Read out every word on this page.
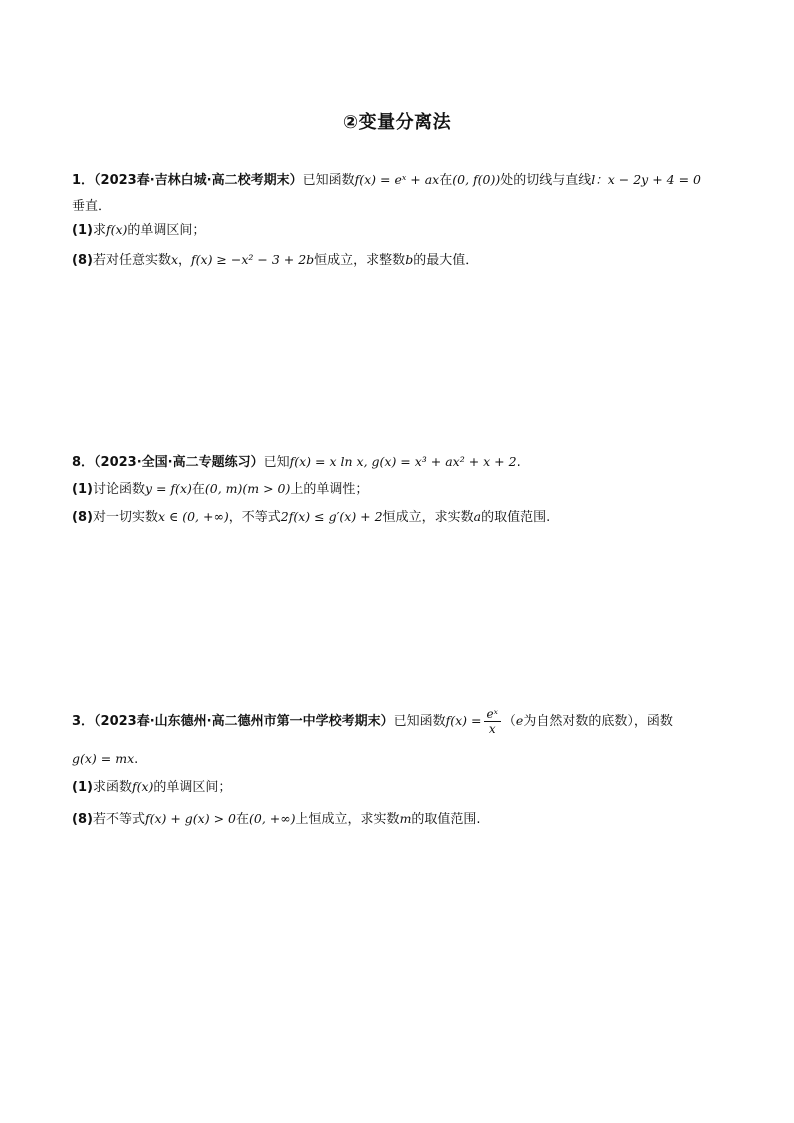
②变量分离法
1．（2023春·吉林白城·高二校考期末）已知函数f(x) = eˣ + ax在(0, f(0))处的切线与直线l：x − 2y + 4 = 0
垂直．
(1)求f(x)的单调区间；
(8)若对任意实数x，f(x) ≥ −x² − 3 + 2b恒成立，求整数b的最大值．
8．（2023·全国·高二专题练习）已知f(x) = x ln x, g(x) = x³ + ax² + x + 2.
(1)讨论函数y = f(x)在(0, m)(m > 0)上的单调性；
(8)对一切实数x ∈ (0, +∞)，不等式2f(x) ≤ g′(x) + 2恒成立，求实数a的取值范围.
3．（2023春·山东德州·高二德州市第一中学校考期末）已知函数$f(x) = \frac{\text{eˣ}}{x} (e$为自然对数的底数），函数
g(x) = mx.
(1)求函数f(x)的单调区间；
(8)若不等式f(x) + g(x) > 0在(0, +∞)上恒成立，求实数m的取值范围.
